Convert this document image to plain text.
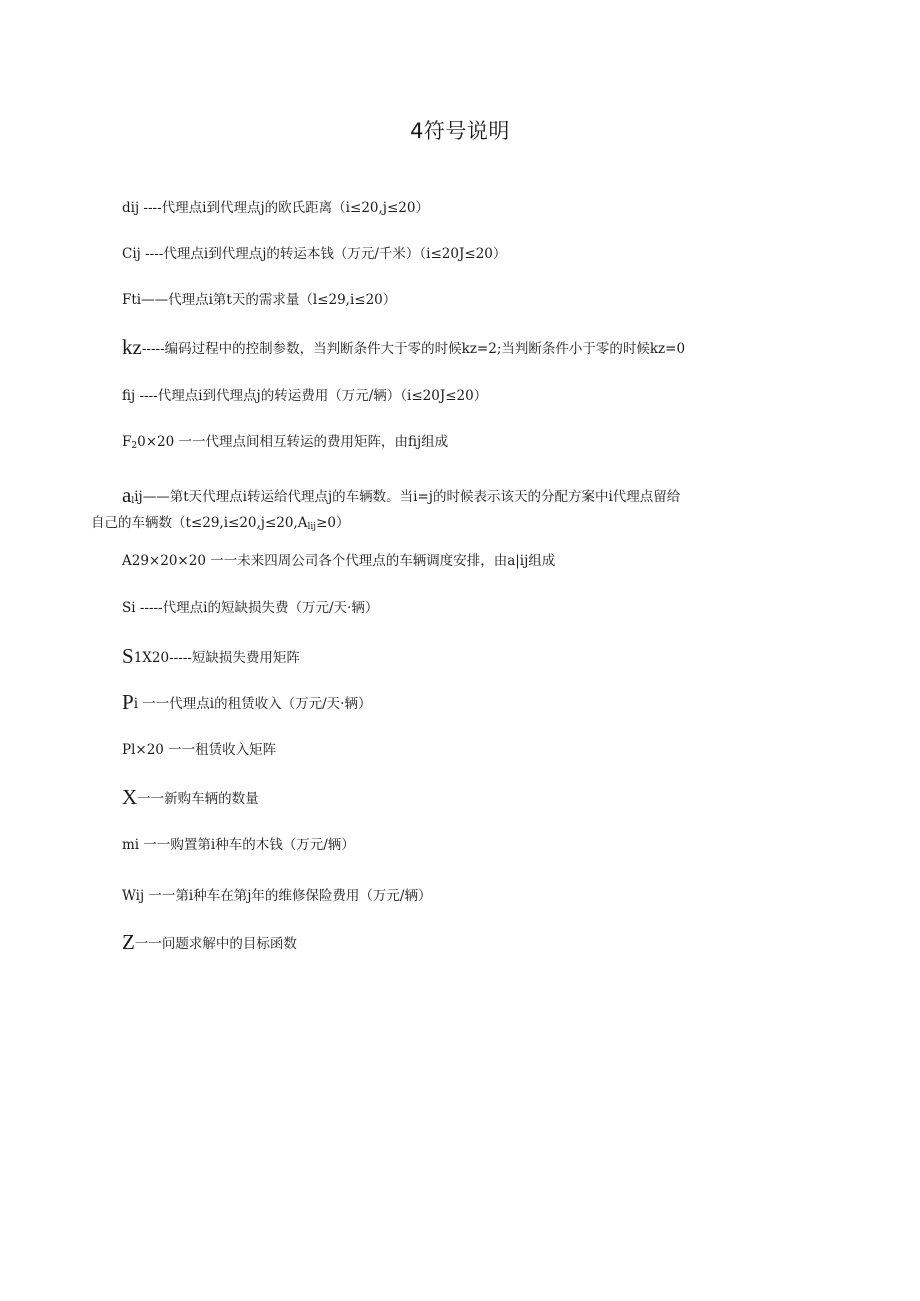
4符号说明
dij ----代理点i到代理点j的欧氏距离（i≤20,j≤20）
Cij ----代理点i到代理点j的转运本钱（万元/千米）（i≤20J≤20）
Fti——代理点i第t天的需求量（l≤29,i≤20）
kz-----编码过程中的控制参数，当判断条件大于零的时候kz=2;当判断条件小于零的时候kz=0
fij ----代理点i到代理点j的转运费用（万元/辆）（i≤20J≤20）
$F_20\times 20$ 一一代理点间相互转运的费用矩阵，由fij组成
$a_lij——$第t天代理点i转运给代理点j的车辆数。当i=j的时候表示该天的分配方案中i代理点留给
自己的车辆数$(t\le 29,i\le 20,j\le 20,A_{lij}\ge 0)$
A29×20×20 一一未来四周公司各个代理点的车辆调度安排，由a|ij组成
Si -----代理点i的短缺损失费（万元/天·辆）
S1X20-----短缺损失费用矩阵
Pi 一一代理点i的租赁收入（万元/天·辆）
Pl×20 一一租赁收入矩阵
X一一新购车辆的数量
mi 一一购置第i种车的木钱（万元/辆）
Wij 一一第i种车在第j年的维修保险费用（万元/辆）
Z一一问题求解中的目标函数
